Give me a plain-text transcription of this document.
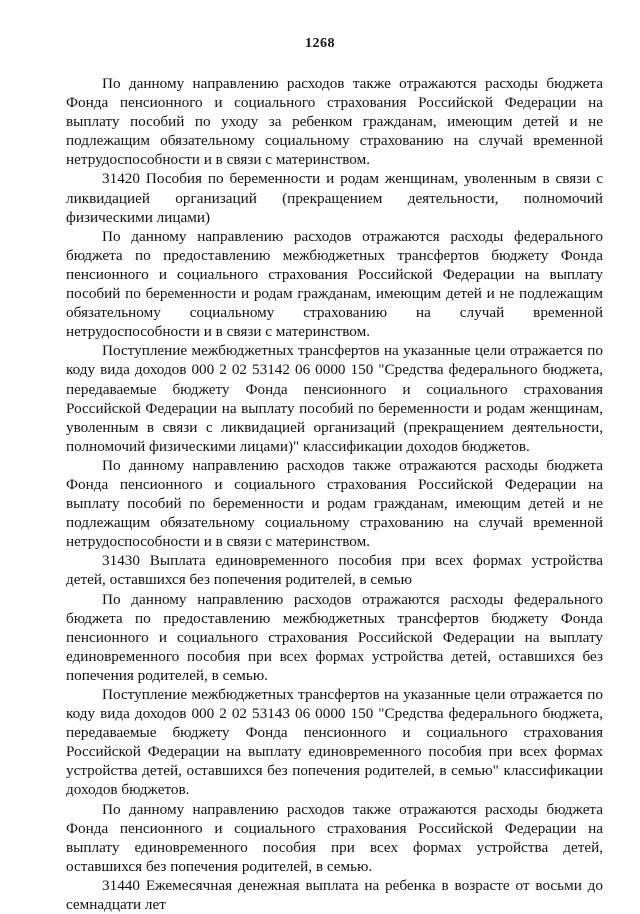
1268

По данному направлению расходов также отражаются расходы бюджета Фонда пенсионного и социального страхования Российской Федерации на выплату пособий по уходу за ребенком гражданам, имеющим детей и не подлежащим обязательному социальному страхованию на случай временной нетрудоспособности и в связи с материнством.

31420 Пособия по беременности и родам женщинам, уволенным в связи с ликвидацией организаций (прекращением деятельности, полномочий физическими лицами)

По данному направлению расходов отражаются расходы федерального бюджета по предоставлению межбюджетных трансфертов бюджету Фонда пенсионного и социального страхования Российской Федерации на выплату пособий по беременности и родам гражданам, имеющим детей и не подлежащим обязательному социальному страхованию на случай временной нетрудоспособности и в связи с материнством.

Поступление межбюджетных трансфертов на указанные цели отражается по коду вида доходов 000 2 02 53142 06 0000 150 "Средства федерального бюджета, передаваемые бюджету Фонда пенсионного и социального страхования Российской Федерации на выплату пособий по беременности и родам женщинам, уволенным в связи с ликвидацией организаций (прекращением деятельности, полномочий физическими лицами)" классификации доходов бюджетов.

По данному направлению расходов также отражаются расходы бюджета Фонда пенсионного и социального страхования Российской Федерации на выплату пособий по беременности и родам гражданам, имеющим детей и не подлежащим обязательному социальному страхованию на случай временной нетрудоспособности и в связи с материнством.

31430 Выплата единовременного пособия при всех формах устройства детей, оставшихся без попечения родителей, в семью

По данному направлению расходов отражаются расходы федерального бюджета по предоставлению межбюджетных трансфертов бюджету Фонда пенсионного и социального страхования Российской Федерации на выплату единовременного пособия при всех формах устройства детей, оставшихся без попечения родителей, в семью.

Поступление межбюджетных трансфертов на указанные цели отражается по коду вида доходов 000 2 02 53143 06 0000 150 "Средства федерального бюджета, передаваемые бюджету Фонда пенсионного и социального страхования Российской Федерации на выплату единовременного пособия при всех формах устройства детей, оставшихся без попечения родителей, в семью" классификации доходов бюджетов.

По данному направлению расходов также отражаются расходы бюджета Фонда пенсионного и социального страхования Российской Федерации на выплату единовременного пособия при всех формах устройства детей, оставшихся без попечения родителей, в семью.

31440 Ежемесячная денежная выплата на ребенка в возрасте от восьми до семнадцати лет
